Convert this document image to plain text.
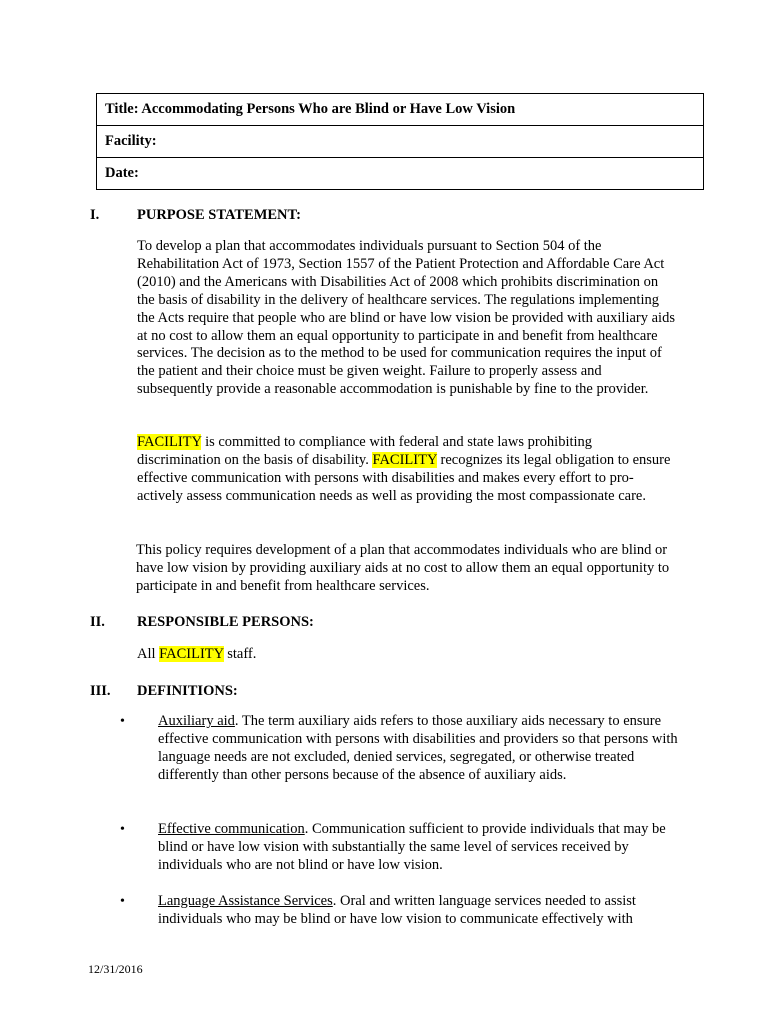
Title: Accommodating Persons Who are Blind or Have Low Vision
Facility:
Date:
I.	PURPOSE STATEMENT:
To develop a plan that accommodates individuals pursuant to Section 504 of the Rehabilitation Act of 1973, Section 1557 of the Patient Protection and Affordable Care Act (2010) and the Americans with Disabilities Act of 2008 which prohibits discrimination on the basis of disability in the delivery of healthcare services. The regulations implementing the Acts require that people who are blind or have low vision be provided with auxiliary aids at no cost to allow them an equal opportunity to participate in and benefit from healthcare services. The decision as to the method to be used for communication requires the input of the patient and their choice must be given weight. Failure to properly assess and subsequently provide a reasonable accommodation is punishable by fine to the provider.
FACILITY is committed to compliance with federal and state laws prohibiting discrimination on the basis of disability. FACILITY recognizes its legal obligation to ensure effective communication with persons with disabilities and makes every effort to pro-actively assess communication needs as well as providing the most compassionate care.
This policy requires development of a plan that accommodates individuals who are blind or have low vision by providing auxiliary aids at no cost to allow them an equal opportunity to participate in and benefit from healthcare services.
II. RESPONSIBLE PERSONS:
All FACILITY staff.
III. DEFINITIONS:
• Auxiliary aid. The term auxiliary aids refers to those auxiliary aids necessary to ensure effective communication with persons with disabilities and providers so that persons with language needs are not excluded, denied services, segregated, or otherwise treated differently than other persons because of the absence of auxiliary aids.
• Effective communication. Communication sufficient to provide individuals that may be blind or have low vision with substantially the same level of services received by individuals who are not blind or have low vision.
• Language Assistance Services. Oral and written language services needed to assist individuals who may be blind or have low vision to communicate effectively with
12/31/2016
